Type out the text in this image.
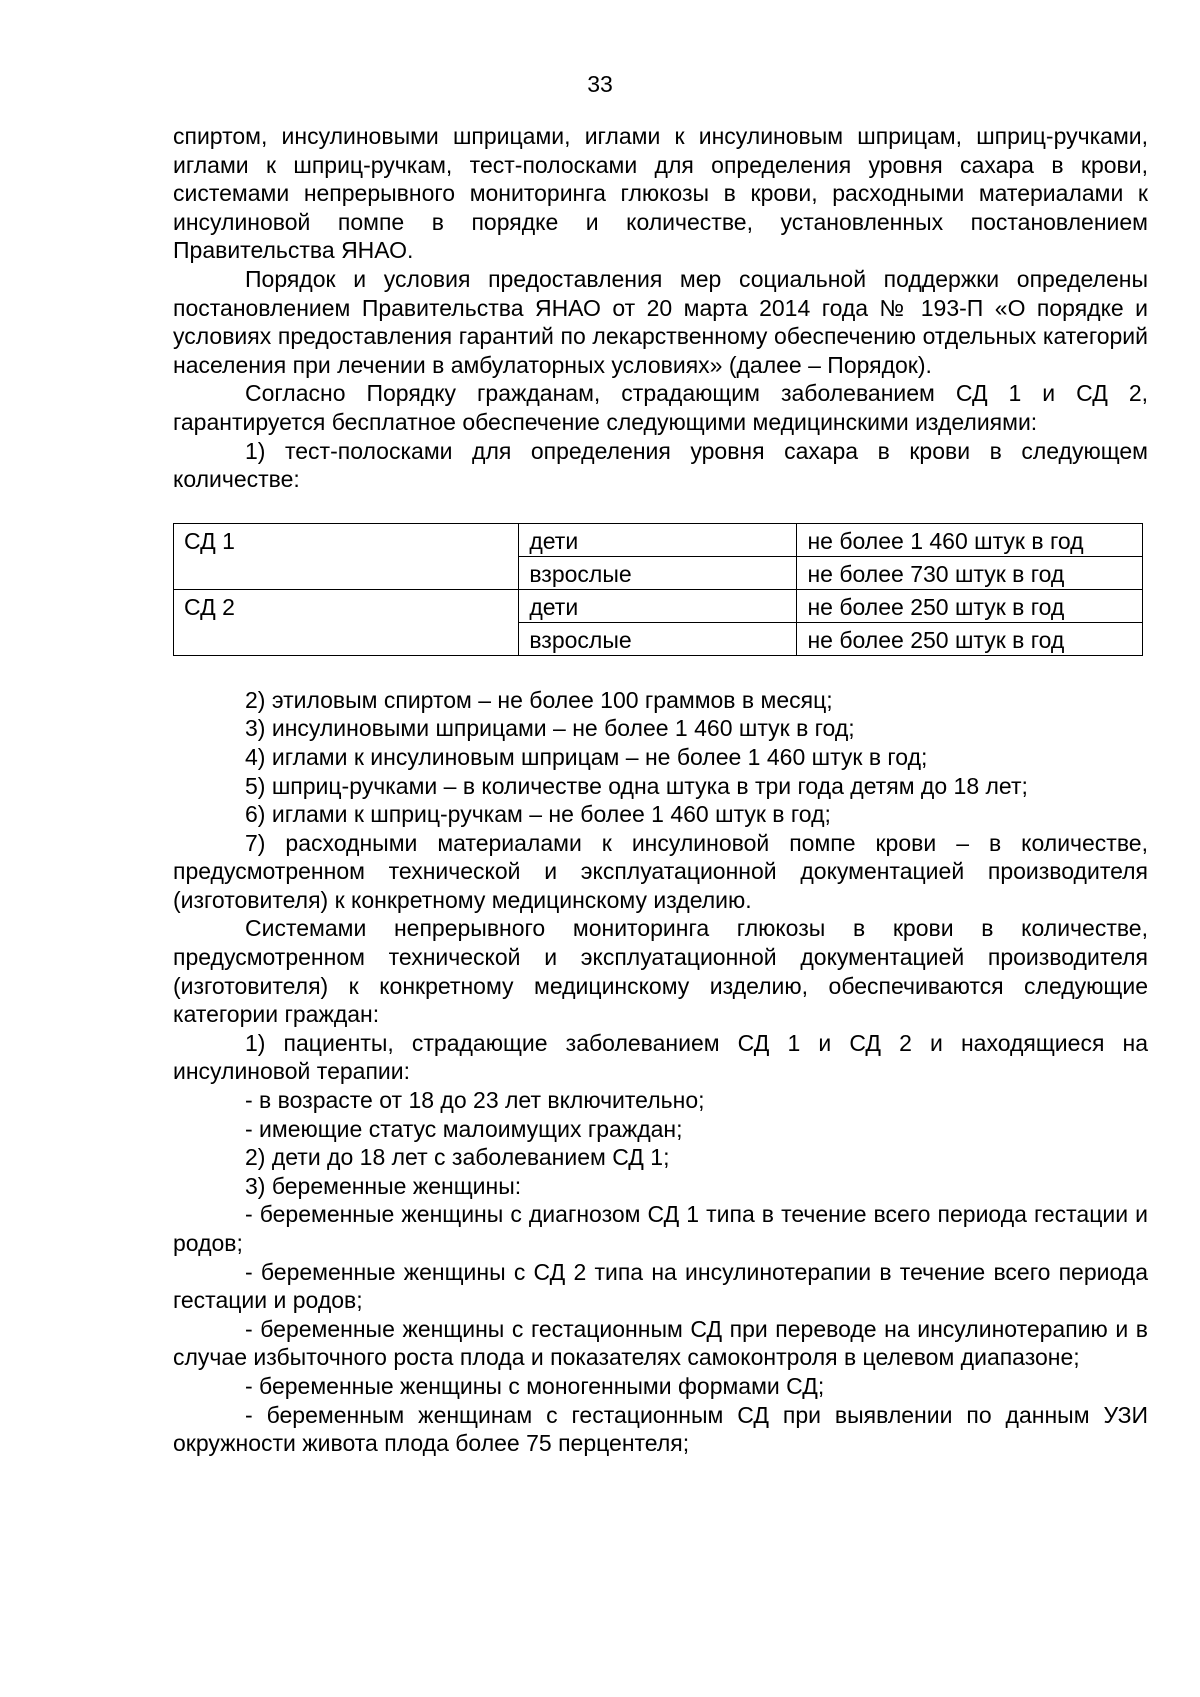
33

спиртом, инсулиновыми шприцами, иглами к инсулиновым шприцам, шприц-ручками, иглами к шприц-ручкам, тест-полосками для определения уровня сахара в крови, системами непрерывного мониторинга глюкозы в крови, расходными материалами к инсулиновой помпе в порядке и количестве, установленных постановлением Правительства ЯНАО.

Порядок и условия предоставления мер социальной поддержки определены постановлением Правительства ЯНАО от 20 марта 2014 года № 193-П «О порядке и условиях предоставления гарантий по лекарственному обеспечению отдельных категорий населения при лечении в амбулаторных условиях» (далее – Порядок).

Согласно Порядку гражданам, страдающим заболеванием СД 1 и СД 2, гарантируется бесплатное обеспечение следующими медицинскими изделиями:

1) тест-полосками для определения уровня сахара в крови в следующем количестве:

СД 1	дети	не более 1 460 штук в год
	взрослые	не более 730 штук в год
СД 2	дети	не более 250 штук в год
	взрослые	не более 250 штук в год

2) этиловым спиртом – не более 100 граммов в месяц;

3) инсулиновыми шприцами – не более 1 460 штук в год;

4) иглами к инсулиновым шприцам – не более 1 460 штук в год;

5) шприц-ручками – в количестве одна штука в три года детям до 18 лет;

6) иглами к шприц-ручкам – не более 1 460 штук в год;

7) расходными материалами к инсулиновой помпе крови – в количестве, предусмотренном технической и эксплуатационной документацией производителя (изготовителя) к конкретному медицинскому изделию.

Системами непрерывного мониторинга глюкозы в крови в количестве, предусмотренном технической и эксплуатационной документацией производителя (изготовителя) к конкретному медицинскому изделию, обеспечиваются следующие категории граждан:

1) пациенты, страдающие заболеванием СД 1 и СД 2 и находящиеся на инсулиновой терапии:

- в возрасте от 18 до 23 лет включительно;

- имеющие статус малоимущих граждан;

2) дети до 18 лет с заболеванием СД 1;

3) беременные женщины:

- беременные женщины с диагнозом СД 1 типа в течение всего периода гестации и родов;

- беременные женщины с СД 2 типа на инсулинотерапии в течение всего периода гестации и родов;

- беременные женщины с гестационным СД при переводе на инсулинотерапию и в случае избыточного роста плода и показателях самоконтроля в целевом диапазоне;

- беременные женщины с моногенными формами СД;

- беременным женщинам с гестационным СД при выявлении по данным УЗИ окружности живота плода более 75 перцентеля;
